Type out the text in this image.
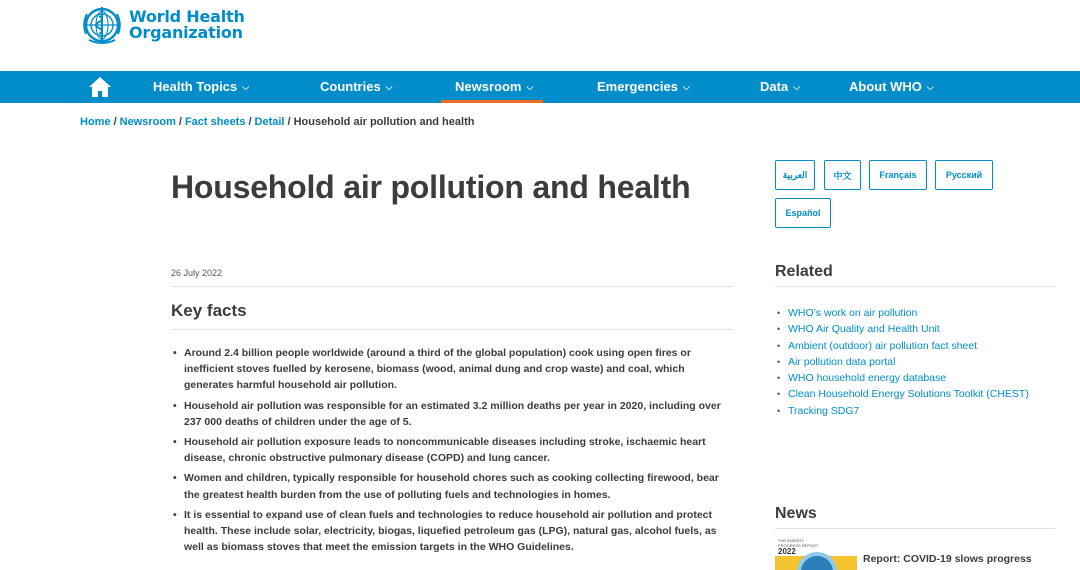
World Health
Organization
Health Topics ⌵	Countries ⌵	Newsroom ⌵	Emergencies ⌵	Data ⌵	About WHO ⌵
Home / Newsroom / Fact sheets / Detail / Household air pollution and health
Household air pollution and health
26 July 2022
Key facts
• Around 2.4 billion people worldwide (around a third of the global population) cook using open fires or inefficient stoves fuelled by kerosene, biomass (wood, animal dung and crop waste) and coal, which generates harmful household air pollution.
• Household air pollution was responsible for an estimated 3.2 million deaths per year in 2020, including over 237 000 deaths of children under the age of 5.
• Household air pollution exposure leads to noncommunicable diseases including stroke, ischaemic heart disease, chronic obstructive pulmonary disease (COPD) and lung cancer.
• Women and children, typically responsible for household chores such as cooking collecting firewood, bear the greatest health burden from the use of polluting fuels and technologies in homes.
• It is essential to expand use of clean fuels and technologies to reduce household air pollution and protect health. These include solar, electricity, biogas, liquefied petroleum gas (LPG), natural gas, alcohol fuels, as well as biomass stoves that meet the emission targets in the WHO Guidelines.
العربية	中文	Français	Русский
Español
Related
• WHO’s work on air pollution
• WHO Air Quality and Health Unit
• Ambient (outdoor) air pollution fact sheet
• Air pollution data portal
• WHO household energy database
• Clean Household Energy Solutions Toolkit (CHEST)
• Tracking SDG7
News
THE ENERGY
PROGRESS REPORT
2022
Report: COVID-19 slows progress
